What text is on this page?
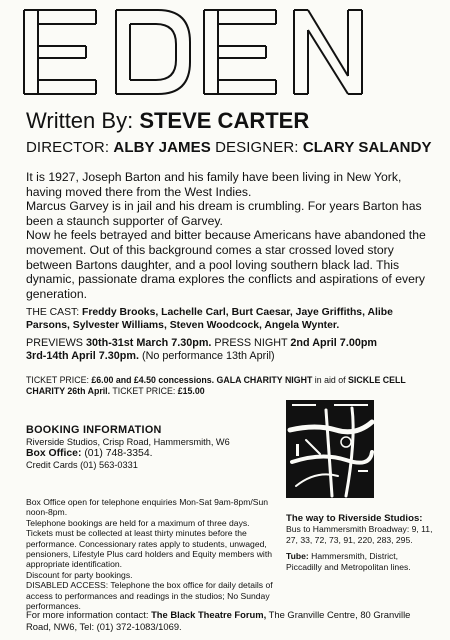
Written By: STEVE CARTER
DIRECTOR: ALBY JAMES DESIGNER: CLARY SALANDY

It is 1927, Joseph Barton and his family have been living in New York, having moved there from the West Indies.

Marcus Garvey is in jail and his dream is crumbling. For years Barton has been a staunch supporter of Garvey.

Now he feels betrayed and bitter because Americans have abandoned the movement. Out of this background comes a star crossed loved story between Bartons daughter, and a pool loving southern black lad. This dynamic, passionate drama explores the conflicts and aspirations of every generation.

THE CAST: Freddy Brooks, Lachelle Carl, Burt Caesar, Jaye Griffiths, Alibe Parsons, Sylvester Williams, Steven Woodcock, Angela Wynter.
PREVIEWS 30th-31st March 7.30pm. PRESS NIGHT 2nd April 7.00pm
3rd-14th April 7.30pm. (No performance 13th April)
TICKET PRICE: £6.00 and £4.50 concessions. GALA CHARITY NIGHT in aid of SICKLE CELL CHARITY 26th April. TICKET PRICE: £15.00
BOOKING INFORMATION
Riverside Studios, Crisp Road, Hammersmith, W6
Box Office: (01) 748-3354.
Credit Cards (01) 563-0331

Box Office open for telephone enquiries Mon-Sat 9am-8pm/Sun noon-8pm.

Telephone bookings are held for a maximum of three days. Tickets must be collected at least thirty minutes before the performance. Concessionary rates apply to students, unwaged, pensioners, Lifestyle Plus card holders and Equity members with appropriate identification.

Discount for party bookings.

DISABLED ACCESS: Telephone the box office for daily details of access to performances and readings in the studios; No Sunday performances.

The way to Riverside Studios:

Bus to Hammersmith Broadway: 9, 11, 27, 33, 72, 73, 91, 220, 283, 295.

Tube: Hammersmith, District, Piccadilly and Metropolitan lines.

For more information contact: The Black Theatre Forum, The Granville Centre, 80 Granville Road, NW6, Tel: (01) 372-1083/1069.
